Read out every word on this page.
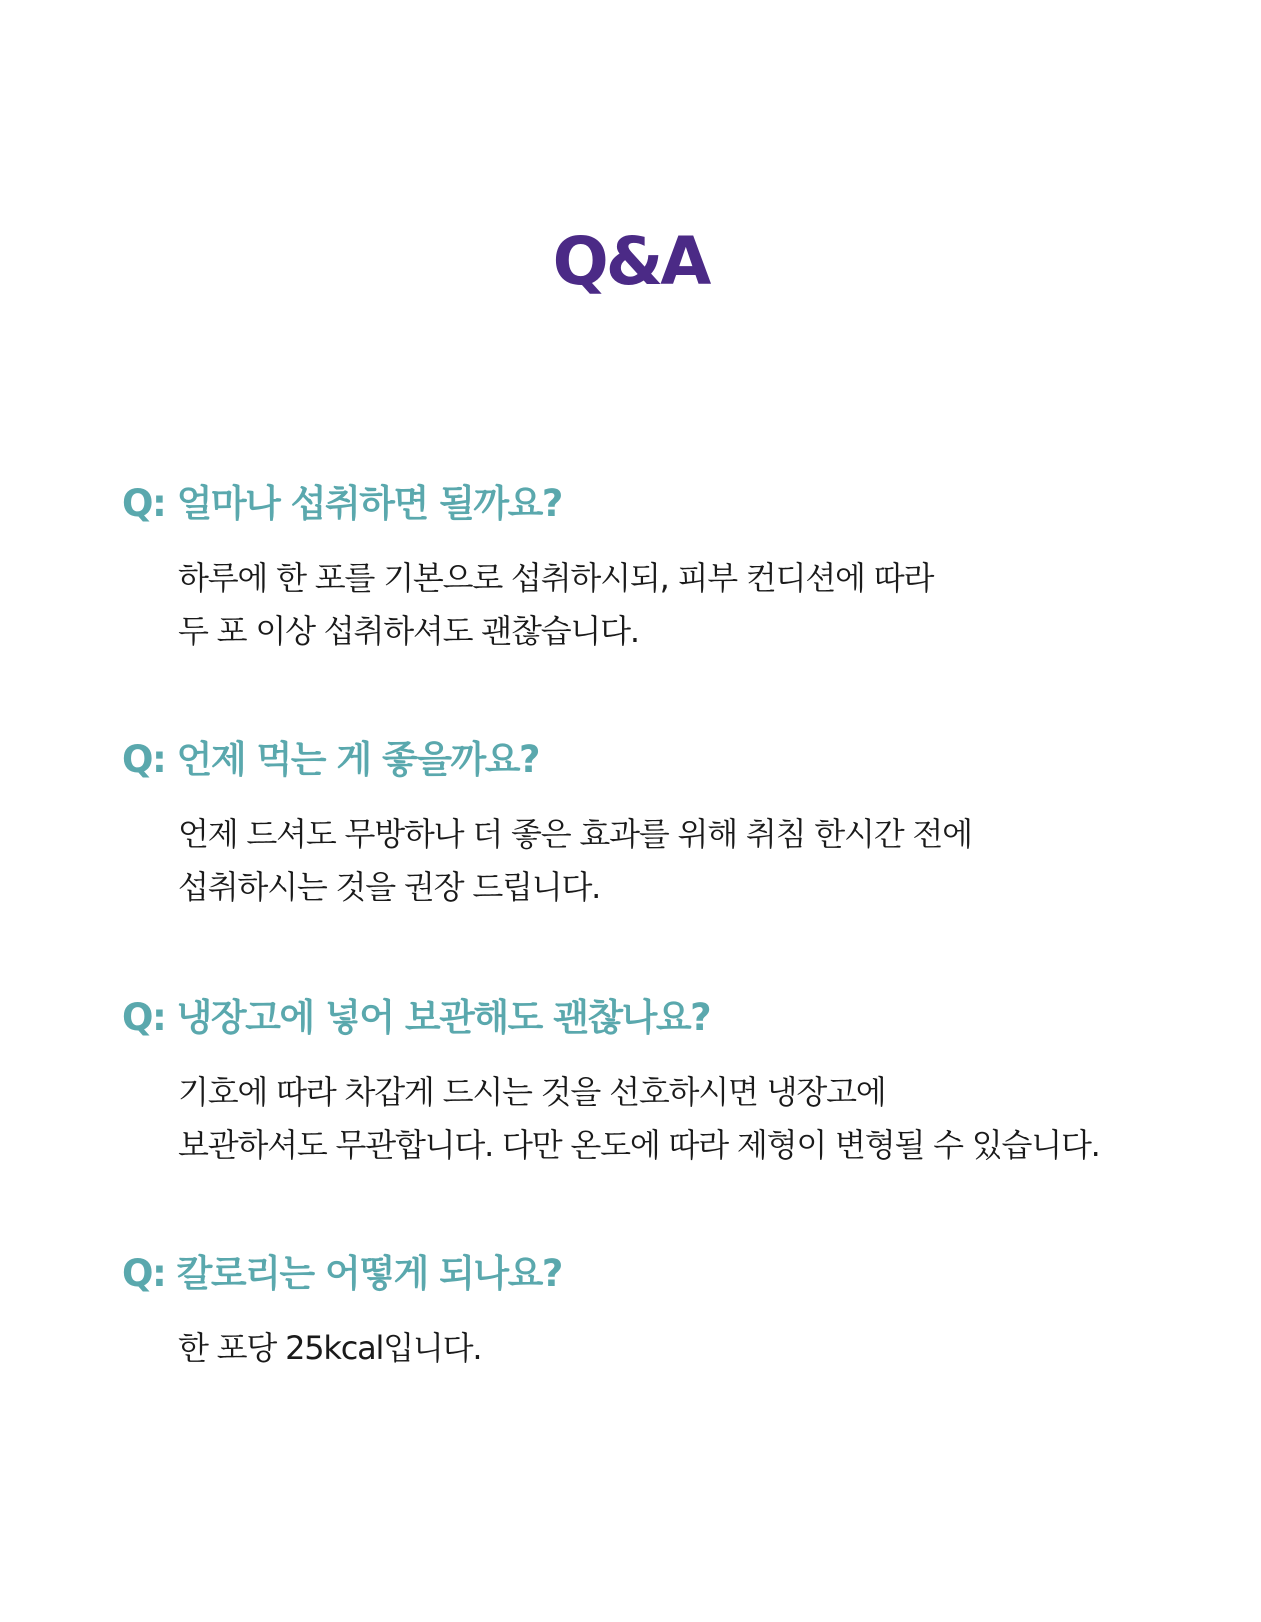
Q&A
Q: 얼마나 섭취하면 될까요?

하루에 한 포를 기본으로 섭취하시되, 피부 컨디션에 따라
두 포 이상 섭취하셔도 괜찮습니다.

Q: 언제 먹는 게 좋을까요?

언제 드셔도 무방하나 더 좋은 효과를 위해 취침 한시간 전에
섭취하시는 것을 권장 드립니다.

Q: 냉장고에 넣어 보관해도 괜찮나요?

기호에 따라 차갑게 드시는 것을 선호하시면 냉장고에
보관하셔도 무관합니다. 다만 온도에 따라 제형이 변형될 수 있습니다.

Q: 칼로리는 어떻게 되나요?

한 포당 25kcal입니다.
